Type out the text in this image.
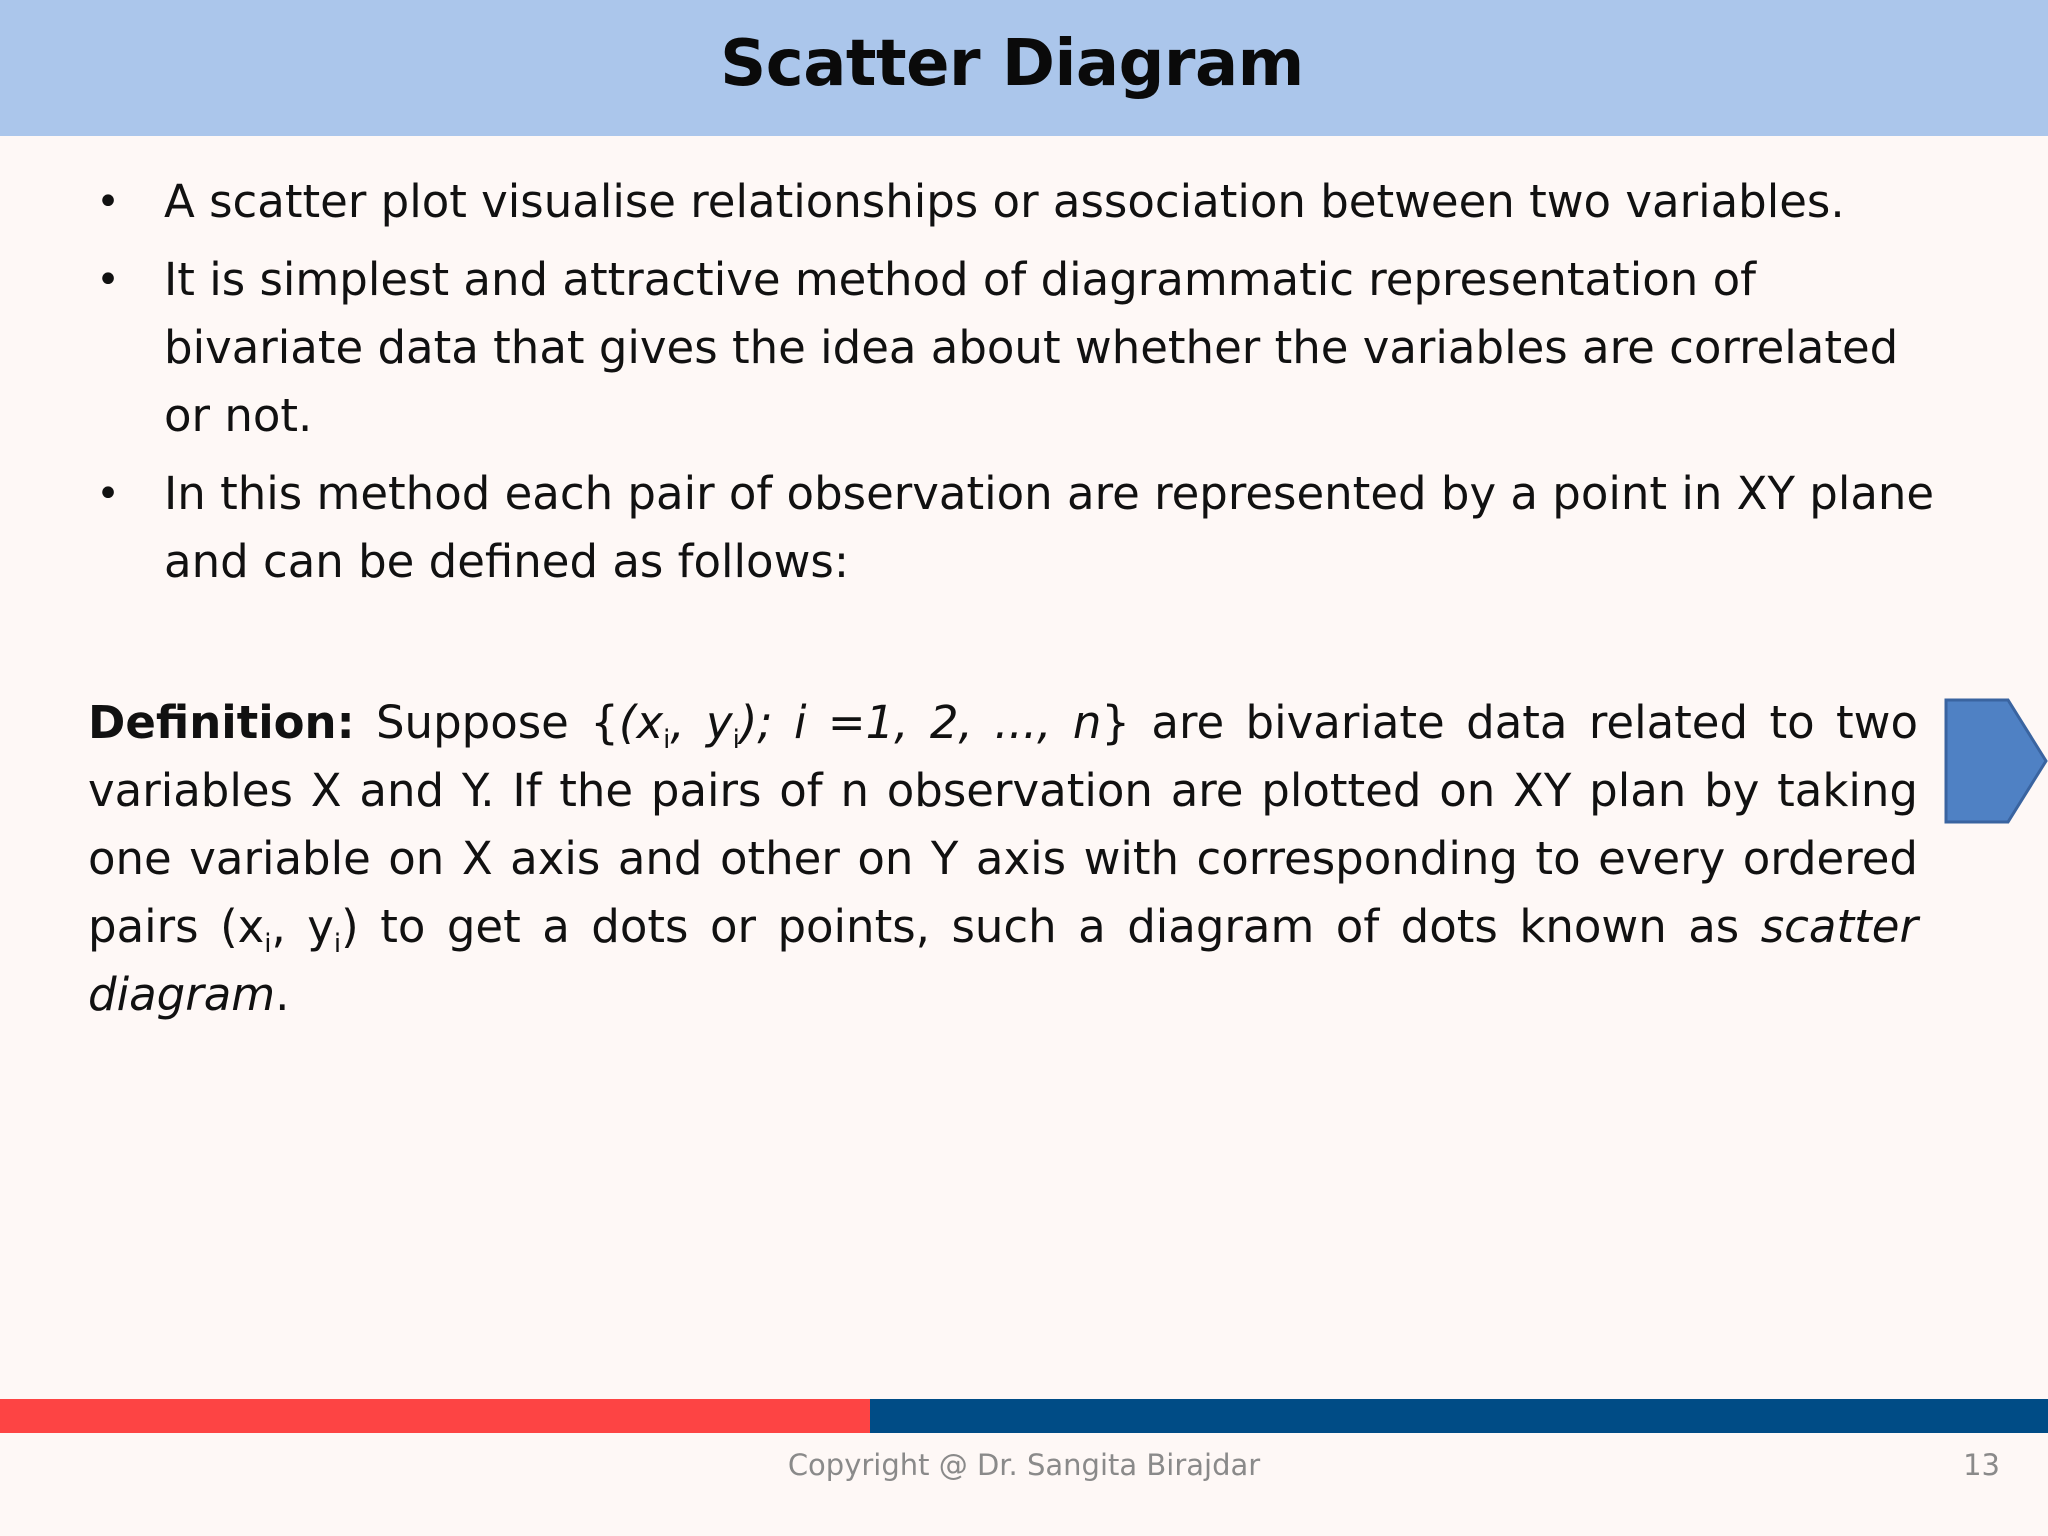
Scatter Diagram
• A scatter plot visualise relationships or association between two variables.
• It is simplest and attractive method of diagrammatic representation of bivariate data that gives the idea about whether the variables are correlated or not.
• In this method each pair of observation are represented by a point in XY plane and can be defined as follows:

Definition: Suppose {($x_i$, $y_i$); i =1, 2, ..., n} are bivariate data related to two variables X and Y. If the pairs of n observation are plotted on XY plan by taking one variable on X axis and other on Y axis with corresponding to every ordered pairs ($x_i$, $y_i$) to get a dots or points, such a diagram of dots known as scatter diagram.

Copyright @ Dr. Sangita Birajdar	13
